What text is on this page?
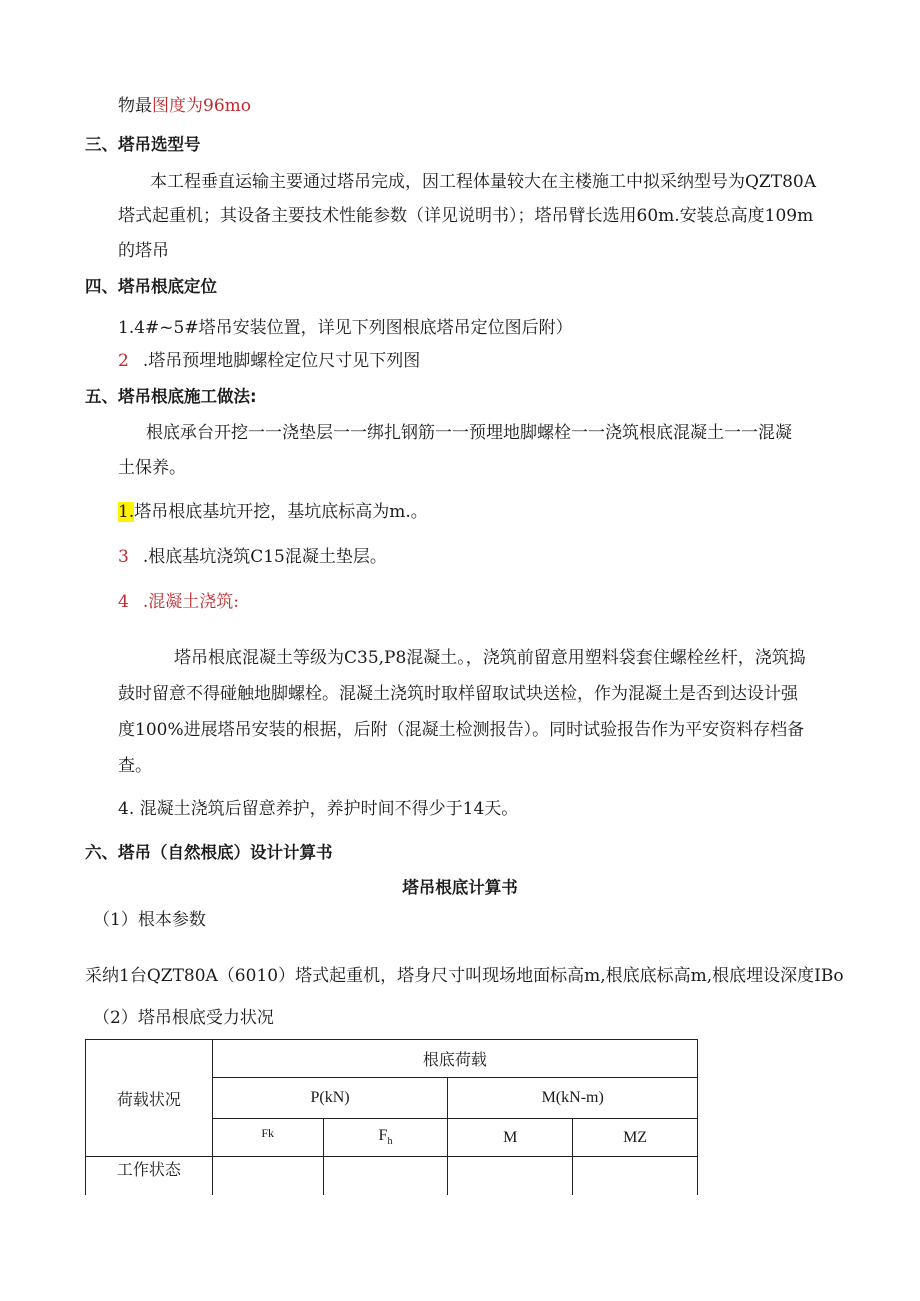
物最图度为96mo
三、塔吊选型号
本工程垂直运输主要通过塔吊完成，因工程体量较大在主楼施工中拟采纳型号为QZT80A
塔式起重机；其设备主要技术性能参数（详见说明书）；塔吊臂长选用60m.安装总高度109m
的塔吊
四、塔吊根底定位
1.4#~5#塔吊安装位置，详见下列图根底塔吊定位图后附）
2 .塔吊预埋地脚螺栓定位尺寸见下列图
五、塔吊根底施工做法:
根底承台开挖一一浇垫层一一绑扎钢筋一一预埋地脚螺栓一一浇筑根底混凝土一一混凝
土保养。
1.塔吊根底基坑开挖，基坑底标高为m.。
3 .根底基坑浇筑C15混凝土垫层。
4 .混凝土浇筑:
塔吊根底混凝土等级为C35,P8混凝土。，浇筑前留意用塑料袋套住螺栓丝杆，浇筑捣
鼓时留意不得碰触地脚螺栓。混凝土浇筑时取样留取试块送检，作为混凝土是否到达设计强
度100%进展塔吊安装的根据，后附（混凝土检测报告）。同时试验报告作为平安资料存档备
查。
4. 混凝土浇筑后留意养护，养护时间不得少于14天。
六、塔吊（自然根底）设计计算书
塔吊根底计算书
（1）根本参数
采纳1台QZT80A（6010）塔式起重机，塔身尺寸叫现场地面标高m,根底底标高m,根底埋设深度IBo
（2）塔吊根底受力状况
荷载状况	根底荷载			
	P(kN)		M(kN-m)	
	$^{Fk}$	$F_h$	M	MZ
工作状态				
